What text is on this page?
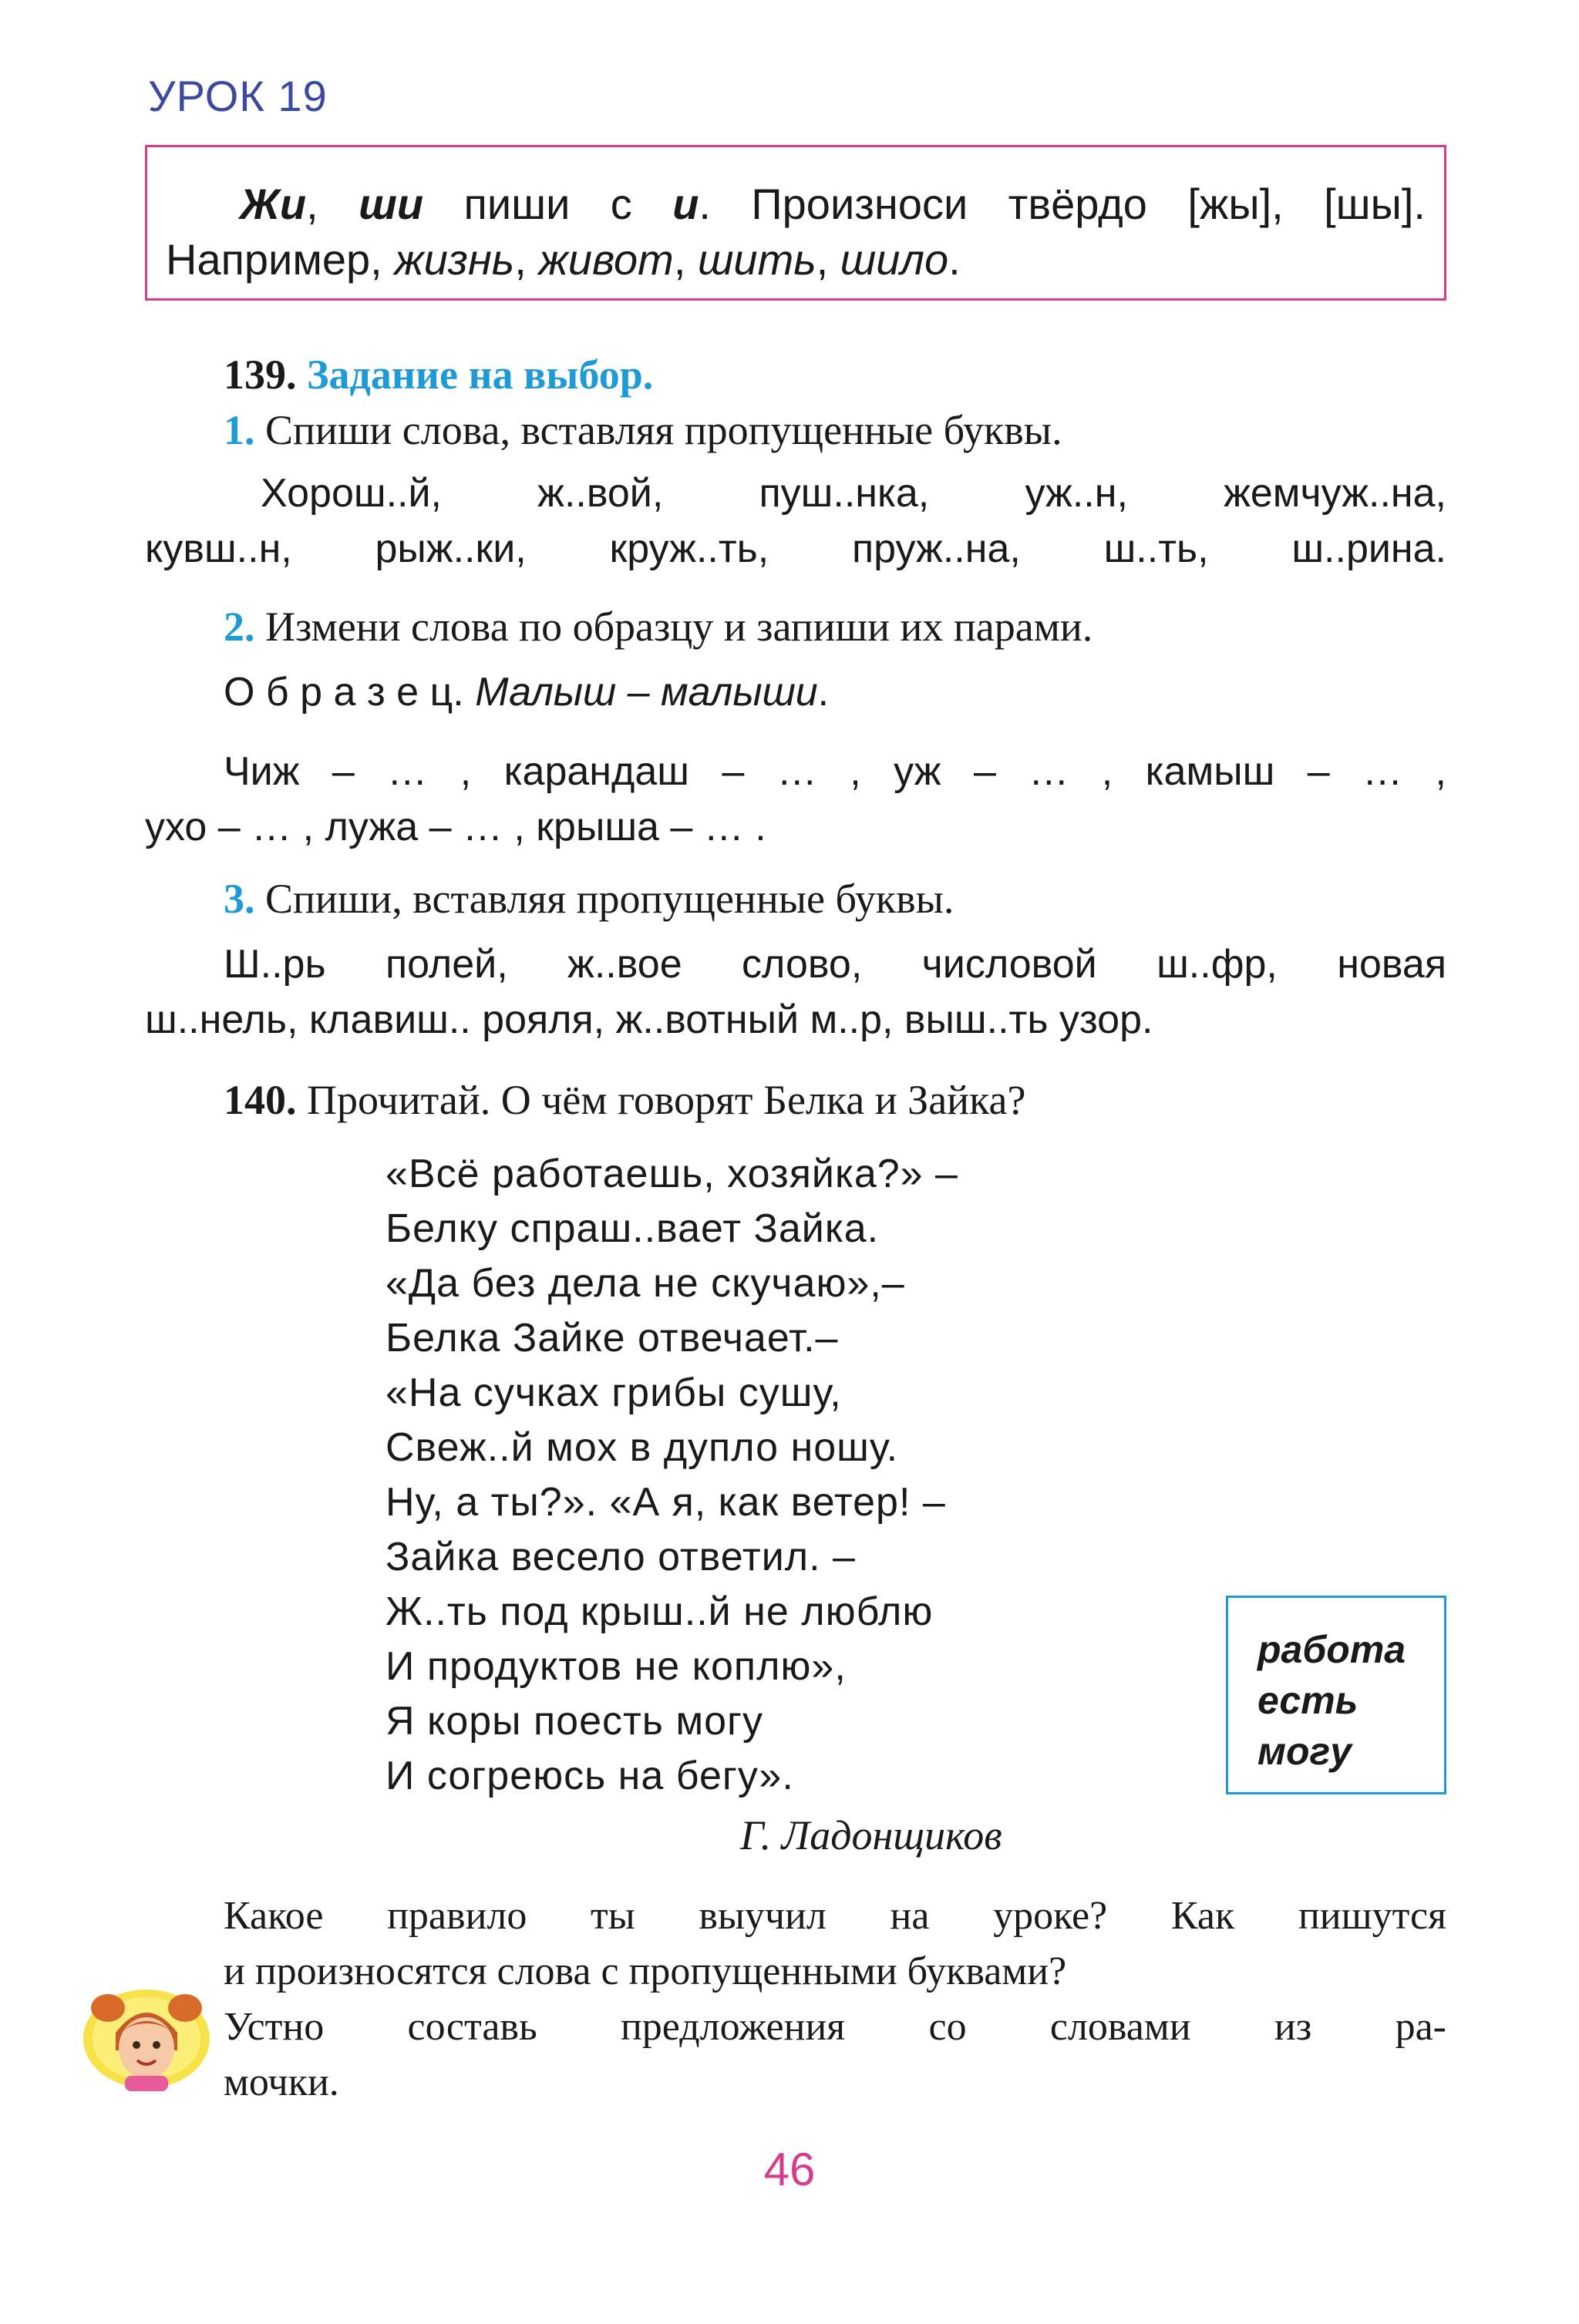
УРОК 19
Жи, ши пиши с и. Произноси твёрдо [жы], [шы].
Например, жизнь, живот, шить, шило.
139. Задание на выбор.
1. Спиши слова, вставляя пропущенные буквы.
Хорош..й, ж..вой, пуш..нка, уж..н, жемчуж..на,
кувш..н, рыж..ки, круж..ть, пруж..на, ш..ть, ш..рина.
2. Измени слова по образцу и запиши их парами.
О б р а з е ц. Малыш – малыши.
Чиж – … , карандаш – … , уж – … , камыш – … ,
ухо – … , лужа – … , крыша – … .
3. Спиши, вставляя пропущенные буквы.
Ш..рь полей, ж..вое слово, числовой ш..фр, новая
ш..нель, клавиш.. рояля, ж..вотный м..р, выш..ть узор.
140. Прочитай. О чём говорят Белка и Зайка?
«Всё работаешь, хозяйка?» –
Белку спраш..вает Зайка.
«Да без дела не скучаю»,–
Белка Зайке отвечает.–
«На сучках грибы сушу,
Свеж..й мох в дупло ношу.
Ну, а ты?». «А я, как ветер! –
Зайка весело ответил. –
Ж..ть под крыш..й не люблю
И продуктов не коплю»,
Я коры поесть могу
И согреюсь на бегу».
работа
есть
могу
Г. Ладонщиков
Какое правило ты выучил на уроке? Как пишутся
и произносятся слова с пропущенными буквами?
Устно составь предложения со словами из ра-
мочки.
46
